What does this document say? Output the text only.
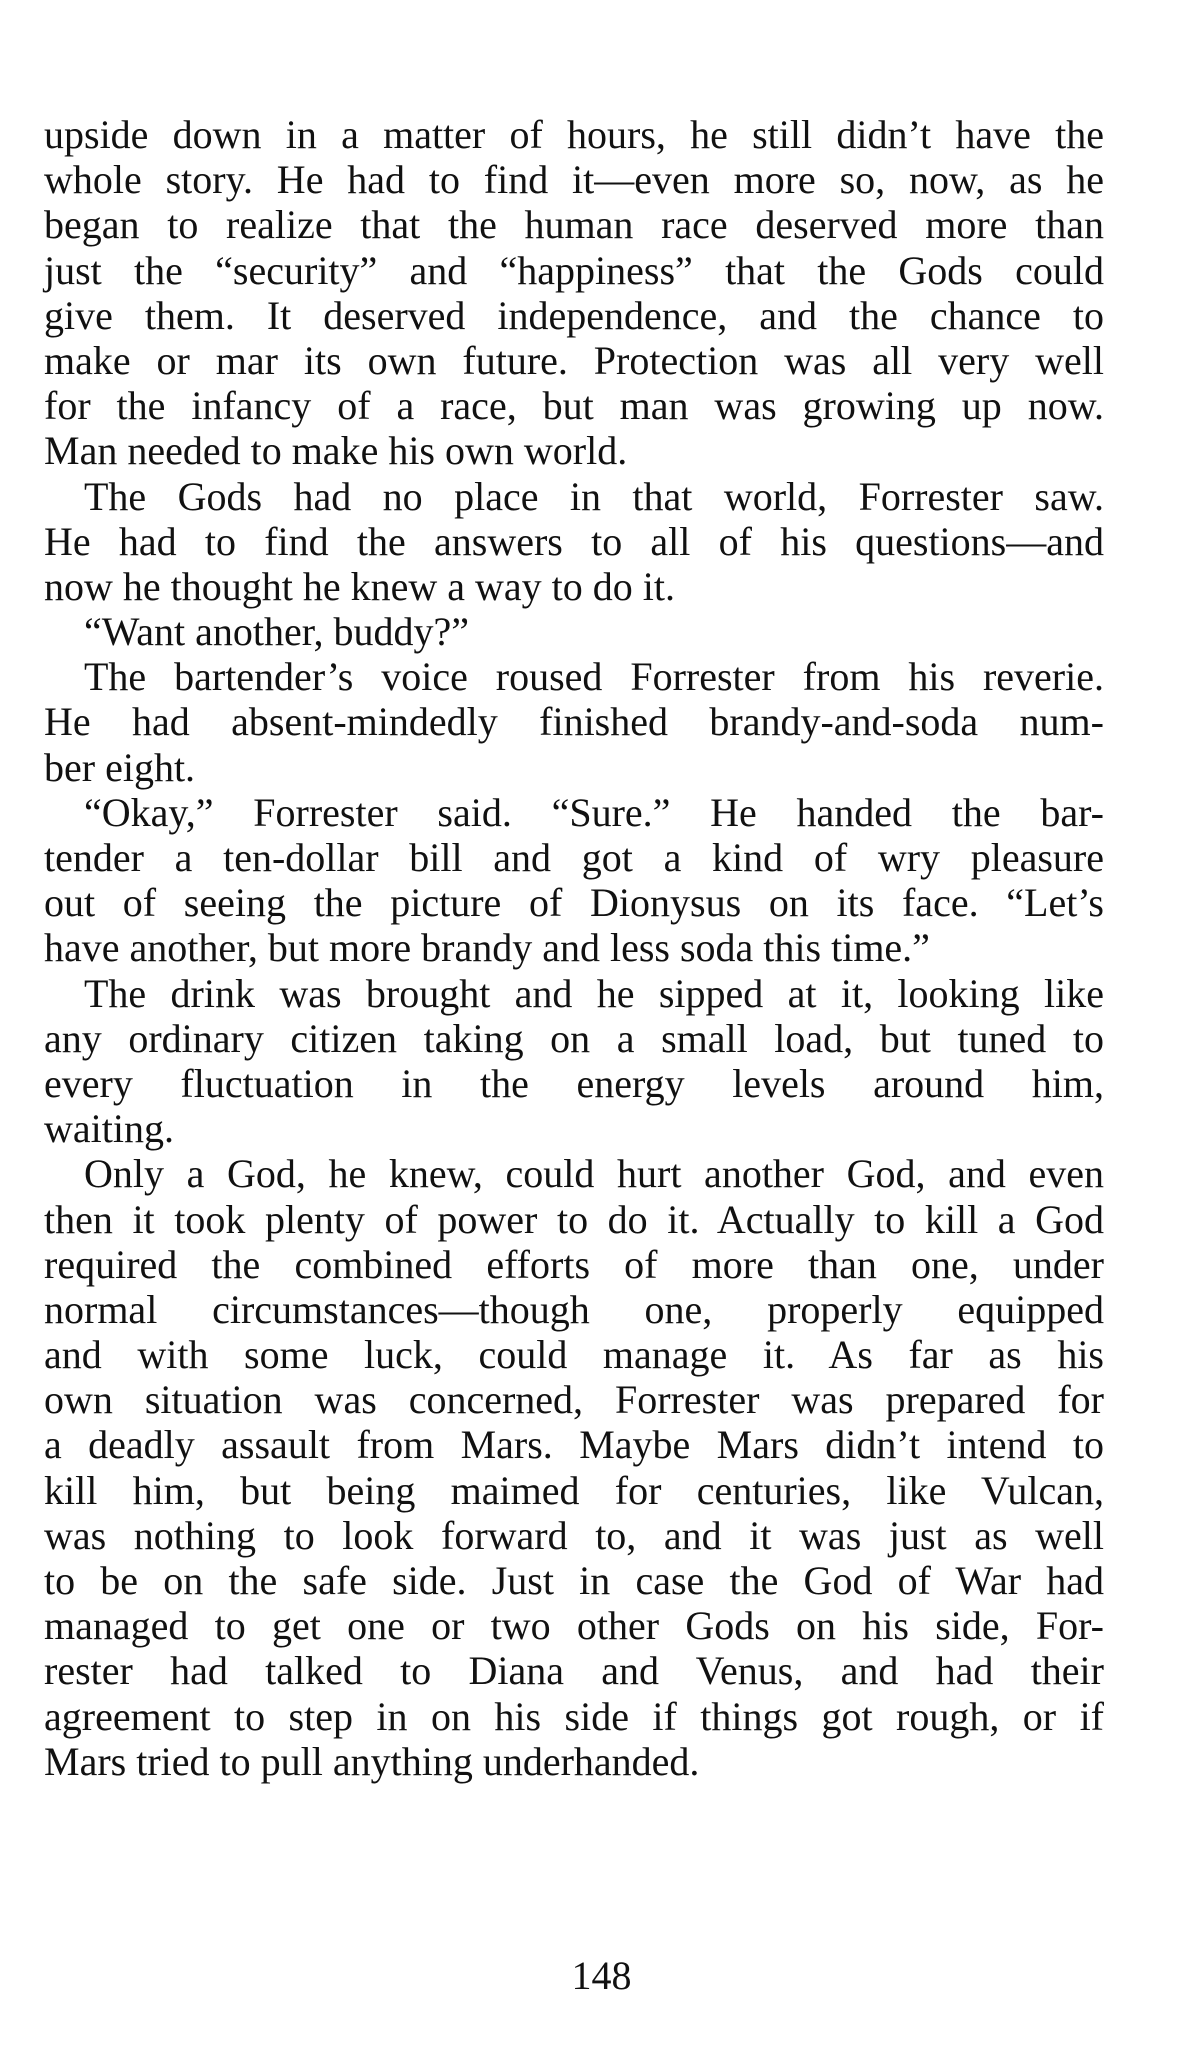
upside down in a matter of hours, he still didn’t have the
whole story. He had to find it—even more so, now, as he
began to realize that the human race deserved more than
just the “security” and “happiness” that the Gods could
give them. It deserved independence, and the chance to
make or mar its own future. Protection was all very well
for the infancy of a race, but man was growing up now.
Man needed to make his own world.
The Gods had no place in that world, Forrester saw.
He had to find the answers to all of his questions—and
now he thought he knew a way to do it.
“Want another, buddy?”
The bartender’s voice roused Forrester from his reverie.
He had absent-mindedly finished brandy-and-soda num-
ber eight.
“Okay,” Forrester said. “Sure.” He handed the bar-
tender a ten-dollar bill and got a kind of wry pleasure
out of seeing the picture of Dionysus on its face. “Let’s
have another, but more brandy and less soda this time.”
The drink was brought and he sipped at it, looking like
any ordinary citizen taking on a small load, but tuned to
every fluctuation in the energy levels around him,
waiting.
Only a God, he knew, could hurt another God, and even
then it took plenty of power to do it. Actually to kill a God
required the combined efforts of more than one, under
normal circumstances—though one, properly equipped
and with some luck, could manage it. As far as his
own situation was concerned, Forrester was prepared for
a deadly assault from Mars. Maybe Mars didn’t intend to
kill him, but being maimed for centuries, like Vulcan,
was nothing to look forward to, and it was just as well
to be on the safe side. Just in case the God of War had
managed to get one or two other Gods on his side, For-
rester had talked to Diana and Venus, and had their
agreement to step in on his side if things got rough, or if
Mars tried to pull anything underhanded.
148
